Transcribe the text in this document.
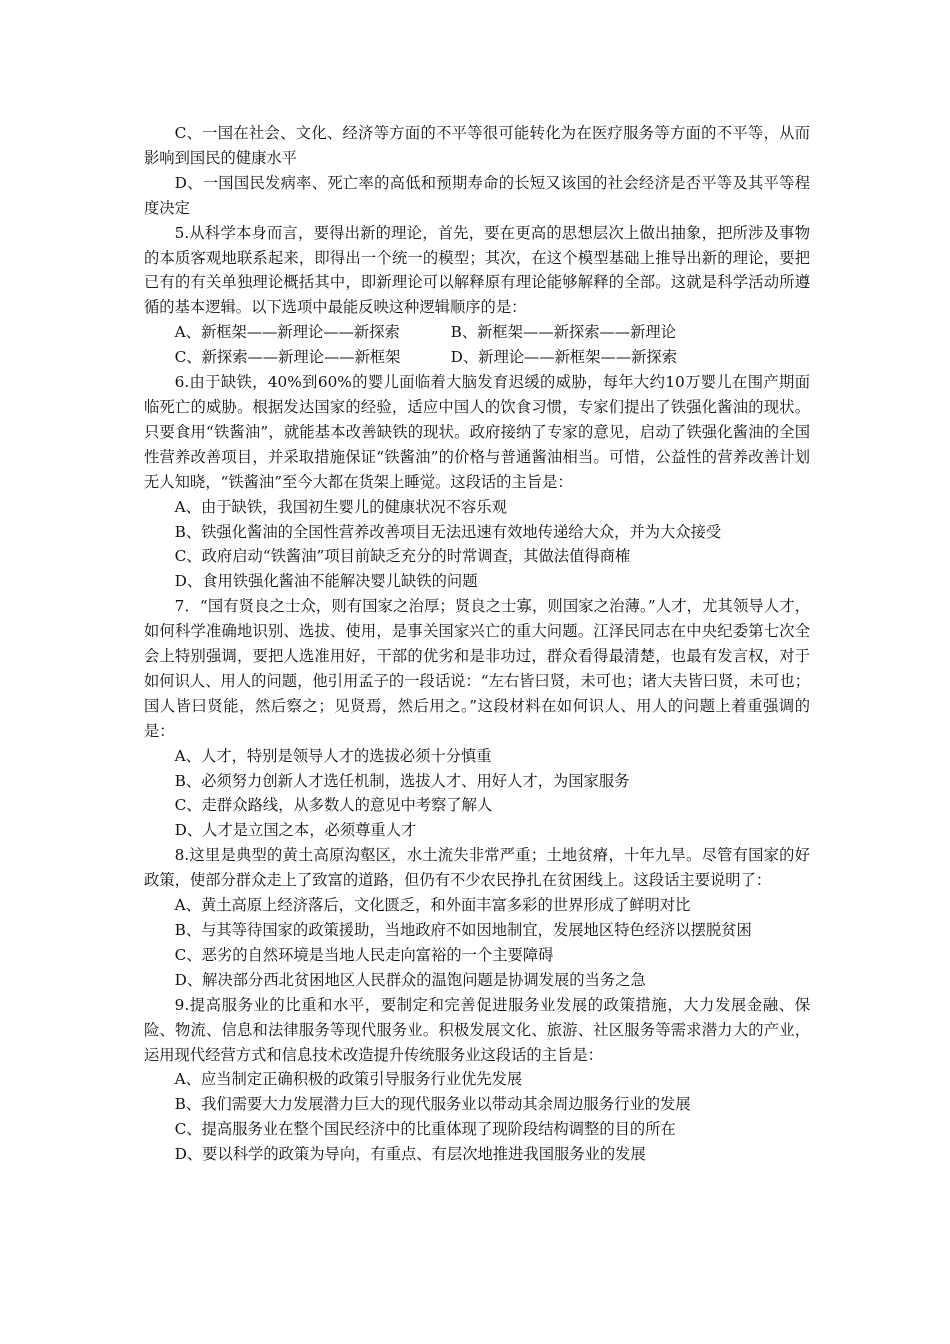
C、一国在社会、文化、经济等方面的不平等很可能转化为在医疗服务等方面的不平等，从而影响到国民的健康水平

D、一国国民发病率、死亡率的高低和预期寿命的长短又该国的社会经济是否平等及其平等程度决定

5.从科学本身而言，要得出新的理论，首先，要在更高的思想层次上做出抽象，把所涉及事物的本质客观地联系起来，即得出一个统一的模型；其次，在这个模型基础上推导出新的理论，要把已有的有关单独理论概括其中，即新理论可以解释原有理论能够解释的全部。这就是科学活动所遵循的基本逻辑。以下选项中最能反映这种逻辑顺序的是：

A、新框架——新理论——新探索	B、新框架——新探索——新理论
C、新探索——新理论——新框架	D、新理论——新框架——新探索

6.由于缺铁，40%到60%的婴儿面临着大脑发育迟缓的威胁，每年大约10万婴儿在围产期面临死亡的威胁。根据发达国家的经验，适应中国人的饮食习惯，专家们提出了铁强化酱油的现状。只要食用“铁酱油”，就能基本改善缺铁的现状。政府接纳了专家的意见，启动了铁强化酱油的全国性营养改善项目，并采取措施保证“铁酱油”的价格与普通酱油相当。可惜，公益性的营养改善计划无人知晓，“铁酱油”至今大都在货架上睡觉。这段话的主旨是：

A、由于缺铁，我国初生婴儿的健康状况不容乐观

B、铁强化酱油的全国性营养改善项目无法迅速有效地传递给大众，并为大众接受

C、政府启动“铁酱油”项目前缺乏充分的时常调查，其做法值得商榷

D、食用铁强化酱油不能解决婴儿缺铁的问题

7．“国有贤良之士众，则有国家之治厚；贤良之士寡，则国家之治薄。”人才，尤其领导人才，如何科学准确地识别、选拔、使用，是事关国家兴亡的重大问题。江泽民同志在中央纪委第七次全会上特别强调，要把人选准用好，干部的优劣和是非功过，群众看得最清楚，也最有发言权，对于如何识人、用人的问题，他引用孟子的一段话说：“左右皆曰贤，未可也；诸大夫皆曰贤，未可也；国人皆曰贤能，然后察之；见贤焉，然后用之。”这段材料在如何识人、用人的问题上着重强调的是：

A、人才，特别是领导人才的选拔必须十分慎重

B、必须努力创新人才选任机制，选拔人才、用好人才，为国家服务

C、走群众路线，从多数人的意见中考察了解人

D、人才是立国之本，必须尊重人才

8.这里是典型的黄土高原沟壑区，水土流失非常严重；土地贫瘠，十年九旱。尽管有国家的好政策，使部分群众走上了致富的道路，但仍有不少农民挣扎在贫困线上。这段话主要说明了：

A、黄土高原上经济落后，文化匮乏，和外面丰富多彩的世界形成了鲜明对比

B、与其等待国家的政策援助，当地政府不如因地制宜，发展地区特色经济以摆脱贫困

C、恶劣的自然环境是当地人民走向富裕的一个主要障碍

D、解决部分西北贫困地区人民群众的温饱问题是协调发展的当务之急

9.提高服务业的比重和水平，要制定和完善促进服务业发展的政策措施，大力发展金融、保险、物流、信息和法律服务等现代服务业。积极发展文化、旅游、社区服务等需求潜力大的产业，运用现代经营方式和信息技术改造提升传统服务业这段话的主旨是：

A、应当制定正确积极的政策引导服务行业优先发展

B、我们需要大力发展潜力巨大的现代服务业以带动其余周边服务行业的发展

C、提高服务业在整个国民经济中的比重体现了现阶段结构调整的目的所在

D、要以科学的政策为导向，有重点、有层次地推进我国服务业的发展
